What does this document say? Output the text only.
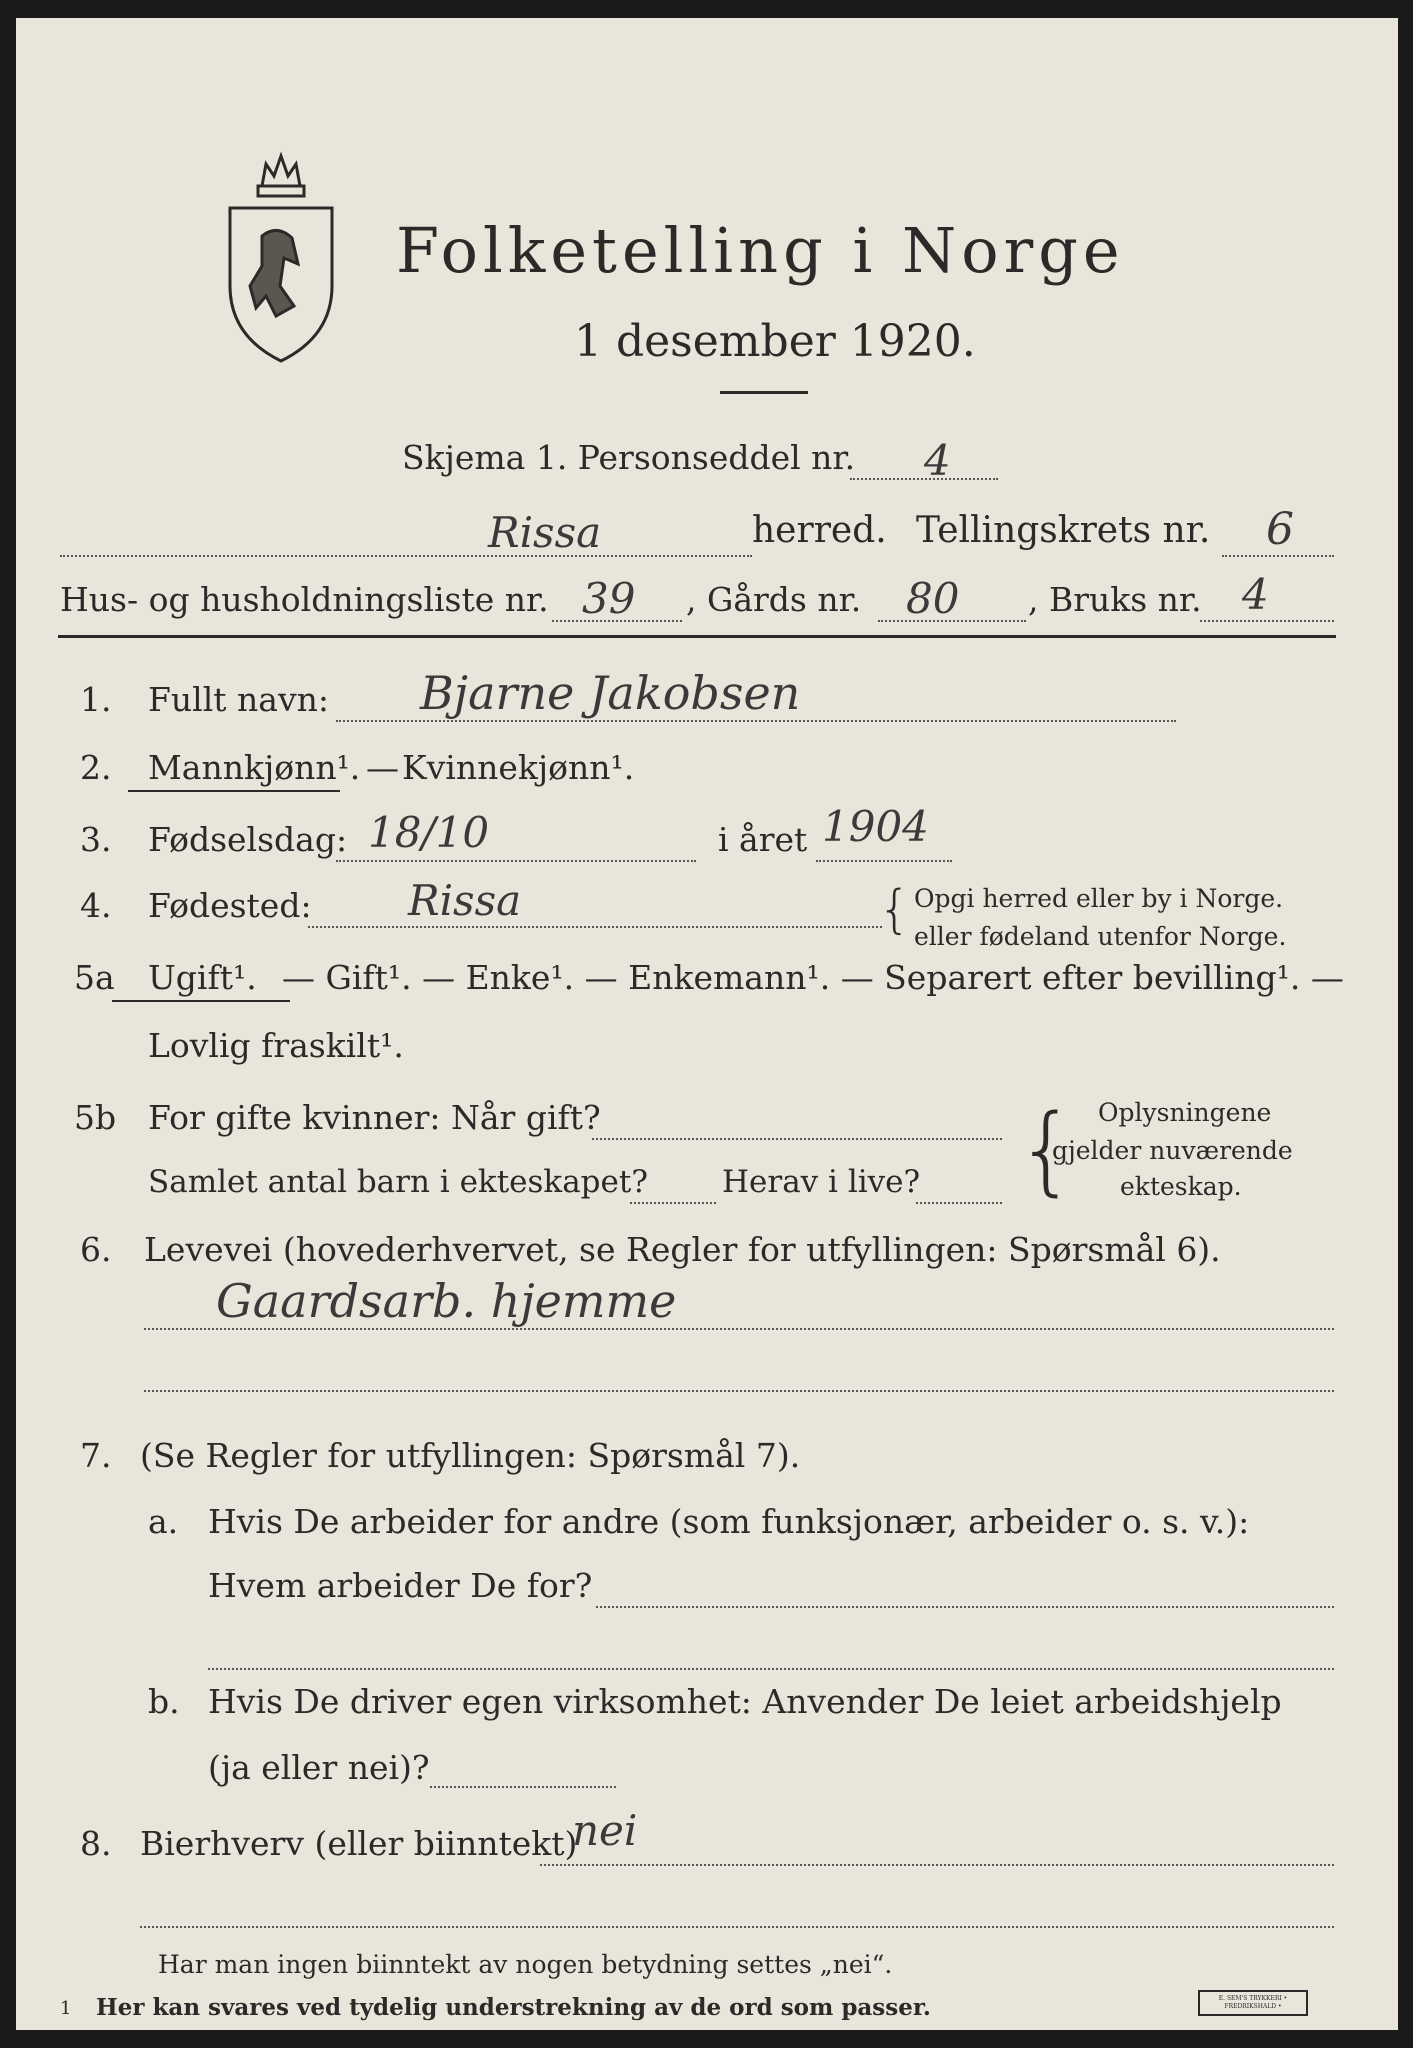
Folketelling i Norge
1 desember 1920.
Skjema 1. Personseddel nr. 4
Rissa	herred. Tellingskrets nr. 6
Hus- og husholdningsliste nr. 39 , Gårds nr. 80 , Bruks nr. 4
1. Fullt navn: Bjarne Jakobsen
2. Mannkjønn¹. — Kvinnekjønn¹.
3. Fødselsdag: 18/10	i året 1904
4. Fødested: Rissa	{ Opgi herred eller by i Norge.
eller fødeland utenfor Norge.
5a Ugift¹. — Gift¹. — Enke¹. — Enkemann¹. — Separert efter bevilling¹. —
Lovlig fraskilt¹.
5b For gifte kvinner: Når gift?
Samlet antal barn i ekteskapet? Herav i live? { Oplysningene
gjelder nuværende
ekteskap.
6. Levevei (hovederhvervet, se Regler for utfyllingen: Spørsmål 6).
Gaardsarb. hjemme
7. (Se Regler for utfyllingen: Spørsmål 7).
a. Hvis De arbeider for andre (som funksjonær, arbeider o. s. v.):
Hvem arbeider De for?
b. Hvis De driver egen virksomhet: Anvender De leiet arbeidshjelp
(ja eller nei)?
8. Bierhverv (eller biinntekt)
nei
Har man ingen biinntekt av nogen betydning settes „nei“.
1 Her kan svares ved tydelig understrekning av de ord som passer.	E. SEM'S TRYKKERI • FREDRIKSHALD •
